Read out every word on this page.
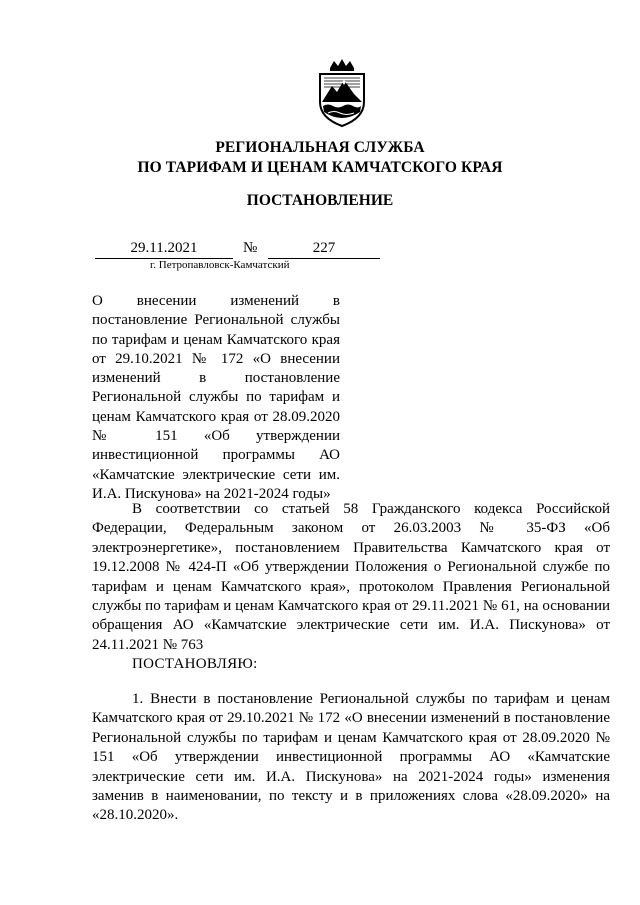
РЕГИОНАЛЬНАЯ СЛУЖБА
ПО ТАРИФАМ И ЦЕНАМ КАМЧАТСКОГО КРАЯ
ПОСТАНОВЛЕНИЕ
29.11.2021	№	227
г. Петропавловск-Камчатский

О внесении изменений в постановление Региональной службы по тарифам и ценам Камчатского края от 29.10.2021 № 172 «О внесении изменений в постановление Региональной службы по тарифам и ценам Камчатского края от 28.09.2020 № 151 «Об утверждении инвестиционной программы АО «Камчатские электрические сети им. И.А. Пискунова» на 2021-2024 годы»

В соответствии со статьей 58 Гражданского кодекса Российской Федерации, Федеральным законом от 26.03.2003 № 35-ФЗ «Об электроэнергетике», постановлением Правительства Камчатского края от 19.12.2008 № 424-П «Об утверждении Положения о Региональной службе по тарифам и ценам Камчатского края», протоколом Правления Региональной службы по тарифам и ценам Камчатского края от 29.11.2021 № 61, на основании обращения АО «Камчатские электрические сети им. И.А. Пискунова» от 24.11.2021 № 763

ПОСТАНОВЛЯЮ:

1. Внести в постановление Региональной службы по тарифам и ценам Камчатского края от 29.10.2021 № 172 «О внесении изменений в постановление Региональной службы по тарифам и ценам Камчатского края от 28.09.2020 № 151 «Об утверждении инвестиционной программы АО «Камчатские электрические сети им. И.А. Пискунова» на 2021-2024 годы» изменения заменив в наименовании, по тексту и в приложениях слова «28.09.2020» на «28.10.2020».
